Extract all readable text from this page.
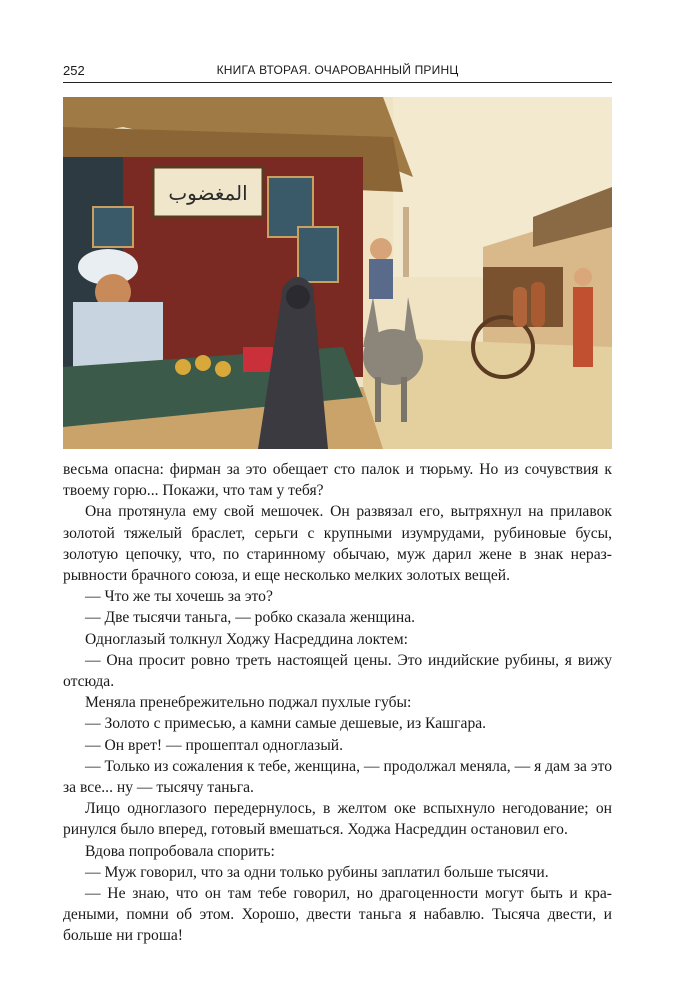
252	КНИГА ВТОРАЯ. ОЧАРОВАННЫЙ ПРИНЦ
المغضوب

весьма опасна: фирман за это обещает сто палок и тюрьму. Но из сочувствия к твоему горю... Покажи, что там у тебя?

Она протянула ему свой мешочек. Он развязал его, вытряхнул на прилавок золотой тяжелый браслет, серьги с крупными изумрудами, рубиновые бусы, золотую цепочку, что, по старинному обычаю, муж дарил жене в знак неразрывности брачного союза, и еще несколько мелких золотых вещей.

— Что же ты хочешь за это?

— Две тысячи таньга, — робко сказала женщина.

Одноглазый толкнул Ходжу Насреддина локтем:

— Она просит ровно треть настоящей цены. Это индийские рубины, я вижу отсюда.

Меняла пренебрежительно поджал пухлые губы:

— Золото с примесью, а камни самые дешевые, из Кашгара.

— Он врет! — прошептал одноглазый.

— Только из сожаления к тебе, женщина, — продолжал меняла, — я дам за это за все... ну — тысячу таньга.

Лицо одноглазого передернулось, в желтом оке вспыхнуло негодование; он ринулся было вперед, готовый вмешаться. Ходжа Насреддин остановил его.

Вдова попробовала спорить:

— Муж говорил, что за одни только рубины заплатил больше тысячи.

— Не знаю, что он там тебе говорил, но драгоценности могут быть и крадеными, помни об этом. Хорошо, двести таньга я набавлю. Тысяча двести, и больше ни гроша!
